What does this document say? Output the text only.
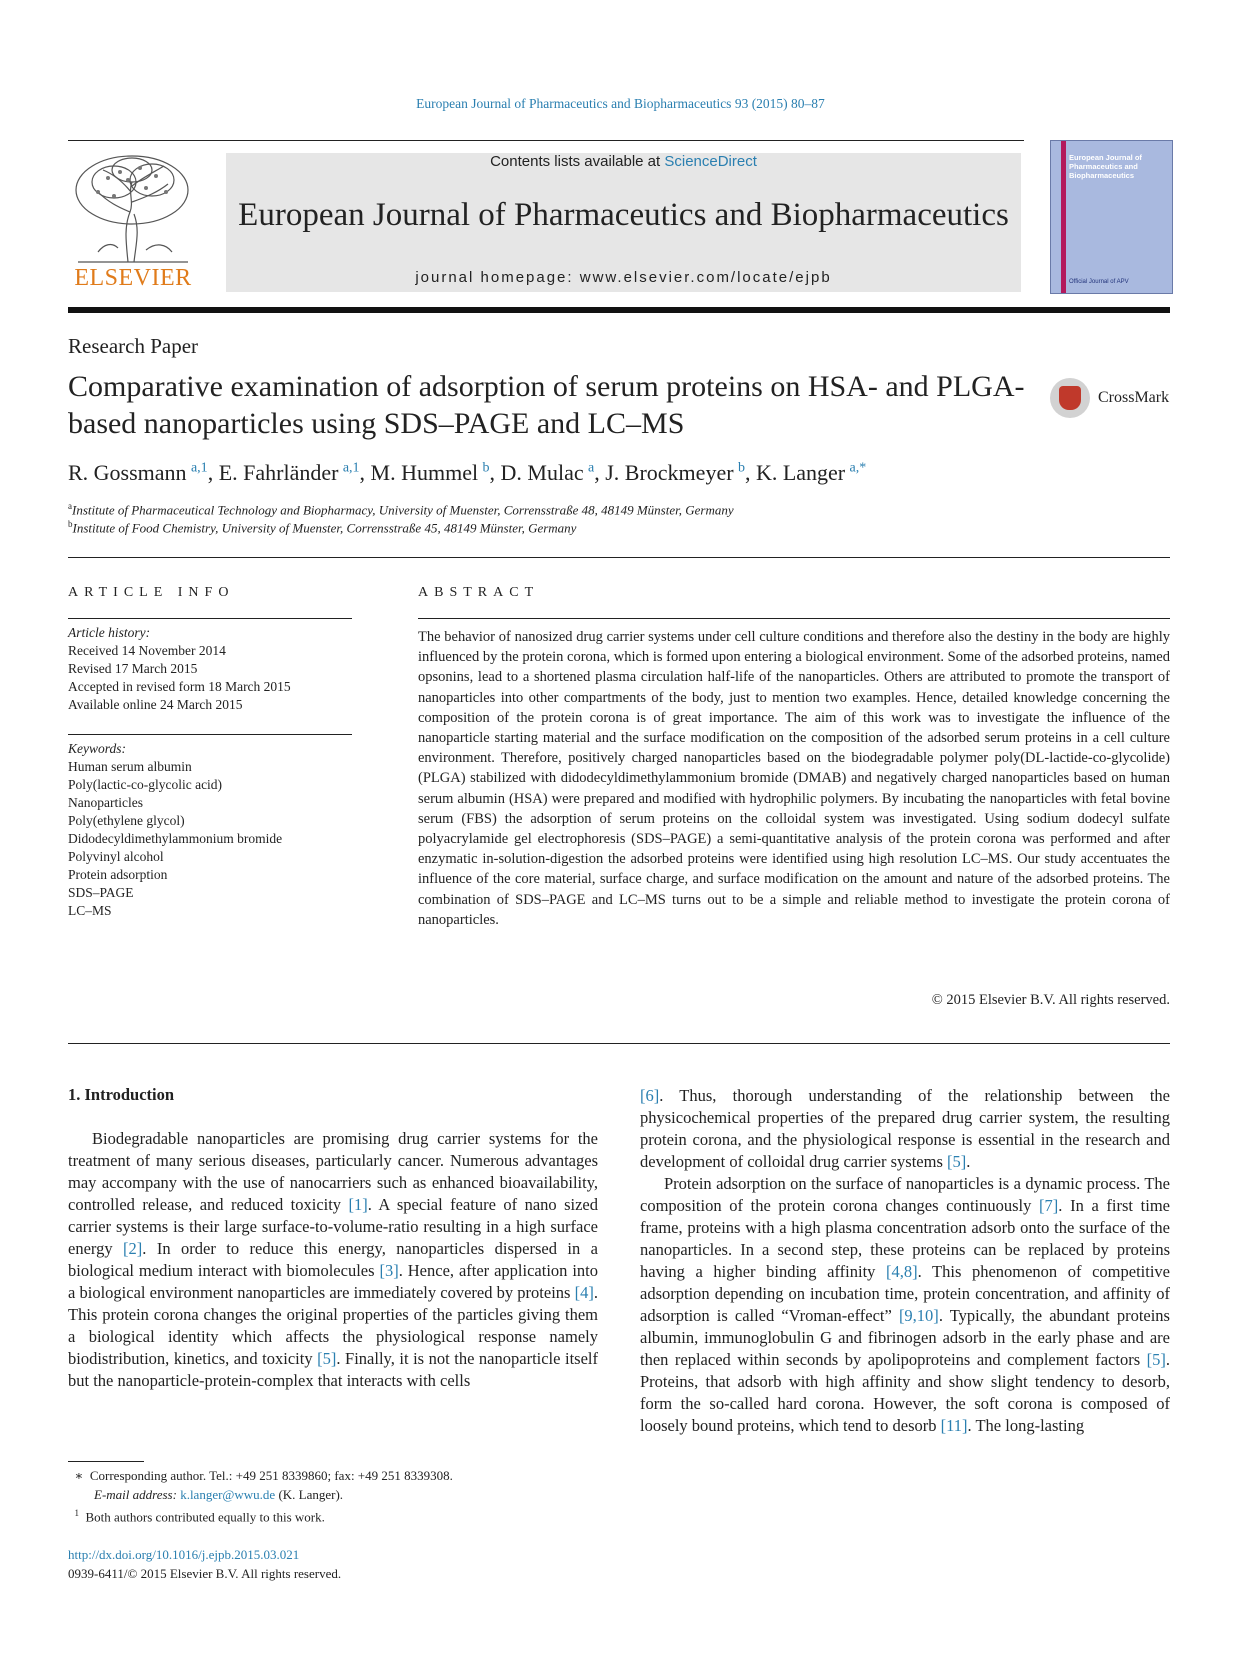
European Journal of Pharmaceutics and Biopharmaceutics 93 (2015) 80–87
ELSEVIER
Contents lists available at ScienceDirect
European Journal of Pharmaceutics and Biopharmaceutics
journal homepage: www.elsevier.com/locate/ejpb
European Journal of Pharmaceutics and Biopharmaceutics
Official Journal of APV
Research Paper
Comparative examination of adsorption of serum proteins on HSA- and PLGA-based nanoparticles using SDS–PAGE and LC–MS
CrossMark
R. Gossmann  $^{a,1}$, E. Fahrländer  $^{a,1}$, M. Hummel  $^b$, D. Mulac  $^a$, J. Brockmeyer  $^b$, K. Langer  $^{a,*}$
$^a$Institute of Pharmaceutical Technology and Biopharmacy, University of Muenster, Corrensstraße 48, 48149 Münster, Germany
$^b$Institute of Food Chemistry, University of Muenster, Corrensstraße 45, 48149 Münster, Germany
ARTICLE INFO
Article history:
Received 14 November 2014
Revised 17 March 2015
Accepted in revised form 18 March 2015
Available online 24 March 2015
Keywords:
Human serum albumin
Poly(lactic-co-glycolic acid)
Nanoparticles
Poly(ethylene glycol)
Didodecyldimethylammonium bromide
Polyvinyl alcohol
Protein adsorption
SDS–PAGE
LC–MS
ABSTRACT
The behavior of nanosized drug carrier systems under cell culture conditions and therefore also the destiny in the body are highly influenced by the protein corona, which is formed upon entering a biological environment. Some of the adsorbed proteins, named opsonins, lead to a shortened plasma circulation half-life of the nanoparticles. Others are attributed to promote the transport of nanoparticles into other compartments of the body, just to mention two examples. Hence, detailed knowledge concerning the composition of the protein corona is of great importance. The aim of this work was to investigate the influence of the nanoparticle starting material and the surface modification on the composition of the adsorbed serum proteins in a cell culture environment. Therefore, positively charged nanoparticles based on the biodegradable polymer poly(DL-lactide-co-glycolide) (PLGA) stabilized with didodecyldimethylammonium bromide (DMAB) and negatively charged nanoparticles based on human serum albumin (HSA) were prepared and modified with hydrophilic polymers. By incubating the nanoparticles with fetal bovine serum (FBS) the adsorption of serum proteins on the colloidal system was investigated. Using sodium dodecyl sulfate polyacrylamide gel electrophoresis (SDS–PAGE) a semi-quantitative analysis of the protein corona was performed and after enzymatic in-solution-digestion the adsorbed proteins were identified using high resolution LC–MS. Our study accentuates the influence of the core material, surface charge, and surface modification on the amount and nature of the adsorbed proteins. The combination of SDS–PAGE and LC–MS turns out to be a simple and reliable method to investigate the protein corona of nanoparticles.
© 2015 Elsevier B.V. All rights reserved.
1. Introduction

Biodegradable nanoparticles are promising drug carrier systems for the treatment of many serious diseases, particularly cancer. Numerous advantages may accompany with the use of nanocarriers such as enhanced bioavailability, controlled release, and reduced toxicity [1]. A special feature of nano sized carrier systems is their large surface-to-volume-ratio resulting in a high surface energy [2]. In order to reduce this energy, nanoparticles dispersed in a biological medium interact with biomolecules [3]. Hence, after application into a biological environment nanoparticles are immediately covered by proteins [4]. This protein corona changes the original properties of the particles giving them a biological identity which affects the physiological response namely biodistribution, kinetics, and toxicity [5]. Finally, it is not the nanoparticle itself but the nanoparticle-protein-complex that interacts with cells

[6]. Thus, thorough understanding of the relationship between the physicochemical properties of the prepared drug carrier system, the resulting protein corona, and the physiological response is essential in the research and development of colloidal drug carrier systems [5].

Protein adsorption on the surface of nanoparticles is a dynamic process. The composition of the protein corona changes continuously [7]. In a first time frame, proteins with a high plasma concentration adsorb onto the surface of the nanoparticles. In a second step, these proteins can be replaced by proteins having a higher binding affinity [4,8]. This phenomenon of competitive adsorption depending on incubation time, protein concentration, and affinity of adsorption is called “Vroman-effect” [9,10]. Typically, the abundant proteins albumin, immunoglobulin G and fibrinogen adsorb in the early phase and are then replaced within seconds by apolipoproteins and complement factors [5]. Proteins, that adsorb with high affinity and show slight tendency to desorb, form the so-called hard corona. However, the soft corona is composed of loosely bound proteins, which tend to desorb [11]. The long-lasting

∗  Corresponding author. Tel.: +49 251 8339860; fax: +49 251 8339308.
E-mail address: k.langer@wwu.de (K. Langer).
$^1$ Both authors contributed equally to this work.
http://dx.doi.org/10.1016/j.ejpb.2015.03.021
0939-6411/© 2015 Elsevier B.V. All rights reserved.
